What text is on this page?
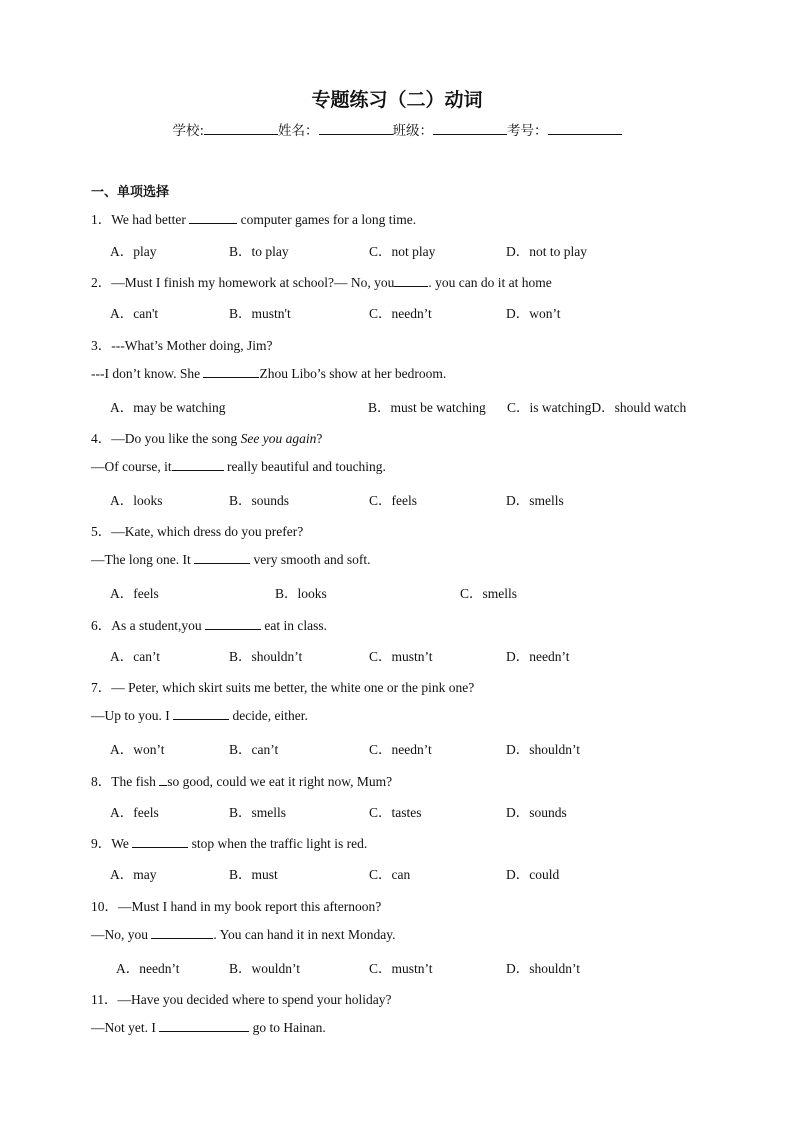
专题练习（二）动词
学校:	姓名：	班级：	考号：
一、单项选择
1．We had better	computer games for a long time.
A．play	B．to play	C．not play	D．not to play
2．—Must I finish my homework at school?— No, you	. you can do it at home
A．can't	B．mustn't	C．needn’t	D．won’t
3．---What’s Mother doing, Jim?
---I don’t know. She	Zhou Libo’s show at her bedroom.
A．may be watching	B．must be watching C．is watchingD．should watch
4．—Do you like the song See you again?
—Of course, it	really beautiful and touching.
A．looks	B．sounds	C．feels	D．smells
5．—Kate, which dress do you prefer?
—The long one. It	very smooth and soft.
A．feels	B．looks	C．smells
6．As a student,you	eat in class.
A．can’t	B．shouldn’t	C．mustn’t	D．needn’t
7．— Peter, which skirt suits me better, the white one or the pink one?
—Up to you. I	decide, either.
A．won’t	B．can’t	C．needn’t	D．shouldn’t
8．The fish so good, could we eat it right now, Mum?
A．feels	B．smells	C．tastes	D．sounds
9．We	stop when the traffic light is red.
A．may	B．must	C．can	D．could
10．—Must I hand in my book report this afternoon?
—No, you	. You can hand it in next Monday.
A．needn’t	B．wouldn’t	C．mustn’t	D．shouldn’t
11．—Have you decided where to spend your holiday?
—Not yet. I	go to Hainan.
